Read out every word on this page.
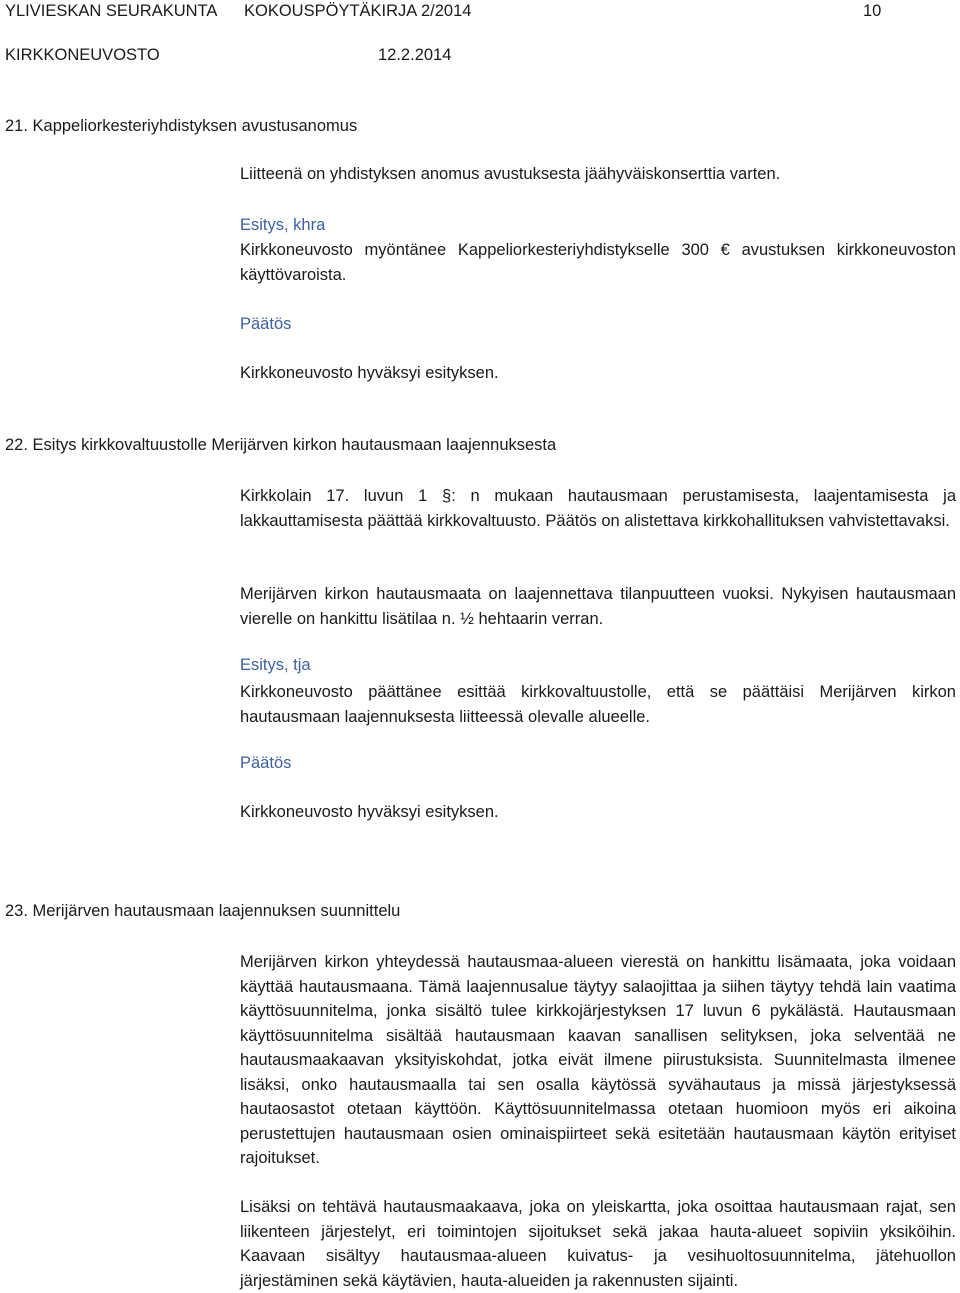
YLIVIESKAN SEURAKUNTA KOKOUSPÖYTÄKIRJA 2/2014	10
KIRKKONEUVOSTO	12.2.2014
21. Kappeliorkesteriyhdistyksen avustusanomus
Liitteenä on yhdistyksen anomus avustuksesta jäähyväiskonserttia varten.
Esitys, khra
Kirkkoneuvosto myöntänee Kappeliorkesteriyhdistykselle 300 € avustuksen kirkkoneuvoston käyttövaroista.
Päätös
Kirkkoneuvosto hyväksyi esityksen.
22. Esitys kirkkovaltuustolle Merijärven kirkon hautausmaan laajennuksesta
Kirkkolain 17. luvun 1 §: n mukaan hautausmaan perustamisesta, laajentamisesta ja lakkauttamisesta päättää kirkkovaltuusto. Päätös on alistettava kirkkohallituksen vahvistettavaksi.
Merijärven kirkon hautausmaata on laajennettava tilanpuutteen vuoksi. Nykyisen hautausmaan vierelle on hankittu lisätilaa n. ½ hehtaarin verran.
Esitys, tja
Kirkkoneuvosto päättänee esittää kirkkovaltuustolle, että se päättäisi Merijärven kirkon hautausmaan laajennuksesta liitteessä olevalle alueelle.
Päätös
Kirkkoneuvosto hyväksyi esityksen.
23. Merijärven hautausmaan laajennuksen suunnittelu
Merijärven kirkon yhteydessä hautausmaa-alueen vierestä on hankittu lisämaata, joka voidaan käyttää hautausmaana. Tämä laajennusalue täytyy salaojittaa ja siihen täytyy tehdä lain vaatima käyttösuunnitelma, jonka sisältö tulee kirkkojärjestyksen 17 luvun 6 pykälästä. Hautausmaan käyttösuunnitelma sisältää hautausmaan kaavan sanallisen selityksen, joka selventää ne hautausmaakaavan yksityiskohdat, jotka eivät ilmene piirustuksista. Suunnitelmasta ilmenee lisäksi, onko hautausmaalla tai sen osalla käytössä syvähautaus ja missä järjestyksessä hautaosastot otetaan käyttöön. Käyttösuunnitelmassa otetaan huomioon myös eri aikoina perustettujen hautausmaan osien ominaispiirteet sekä esitetään hautausmaan käytön erityiset rajoitukset.
Lisäksi on tehtävä hautausmaakaava, joka on yleiskartta, joka osoittaa hautausmaan rajat, sen liikenteen järjestelyt, eri toimintojen sijoitukset sekä jakaa hauta-alueet sopiviin yksiköihin. Kaavaan sisältyy hautausmaa-alueen kuivatus- ja vesihuoltosuunnitelma, jätehuollon järjestäminen sekä käytävien, hauta-alueiden ja rakennusten sijainti.
